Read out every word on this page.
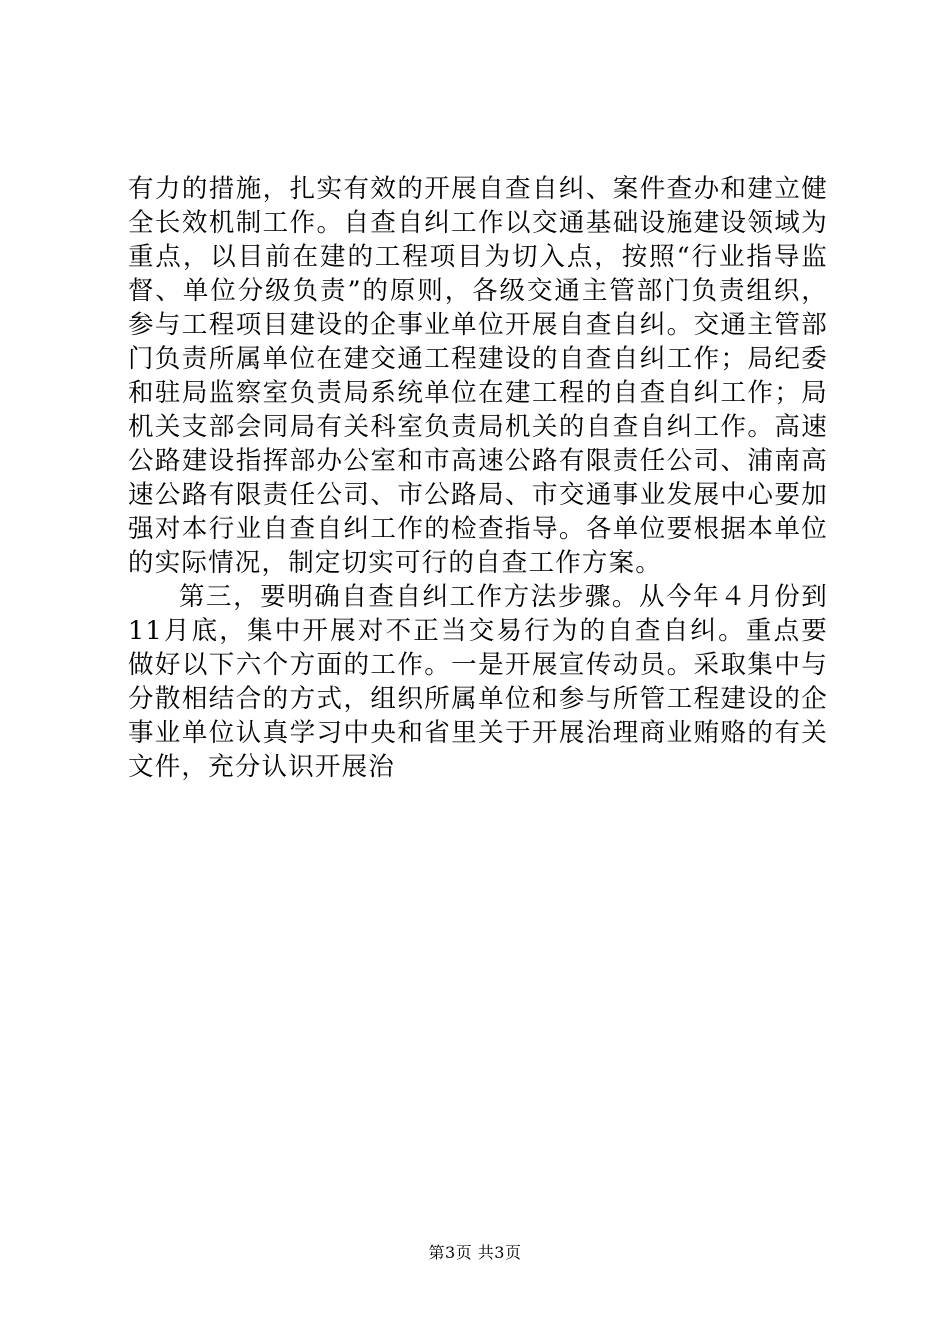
有力的措施，扎实有效的开展自查自纠、案件查办和建立健全长效机制工作。自查自纠工作以交通基础设施建设领域为重点，以目前在建的工程项目为切入点，按照“行业指导监督、单位分级负责”的原则，各级交通主管部门负责组织，参与工程项目建设的企事业单位开展自查自纠。交通主管部门负责所属单位在建交通工程建设的自查自纠工作；局纪委和驻局监察室负责局系统单位在建工程的自查自纠工作；局机关支部会同局有关科室负责局机关的自查自纠工作。高速公路建设指挥部办公室和市高速公路有限责任公司、浦南高速公路有限责任公司、市公路局、市交通事业发展中心要加强对本行业自查自纠工作的检查指导。各单位要根据本单位的实际情况，制定切实可行的自查工作方案。

第三，要明确自查自纠工作方法步骤。从今年４月份到11月底，集中开展对不正当交易行为的自查自纠。重点要做好以下六个方面的工作。一是开展宣传动员。采取集中与分散相结合的方式，组织所属单位和参与所管工程建设的企事业单位认真学习中央和省里关于开展治理商业贿赂的有关文件，充分认识开展治

第3页 共3页
